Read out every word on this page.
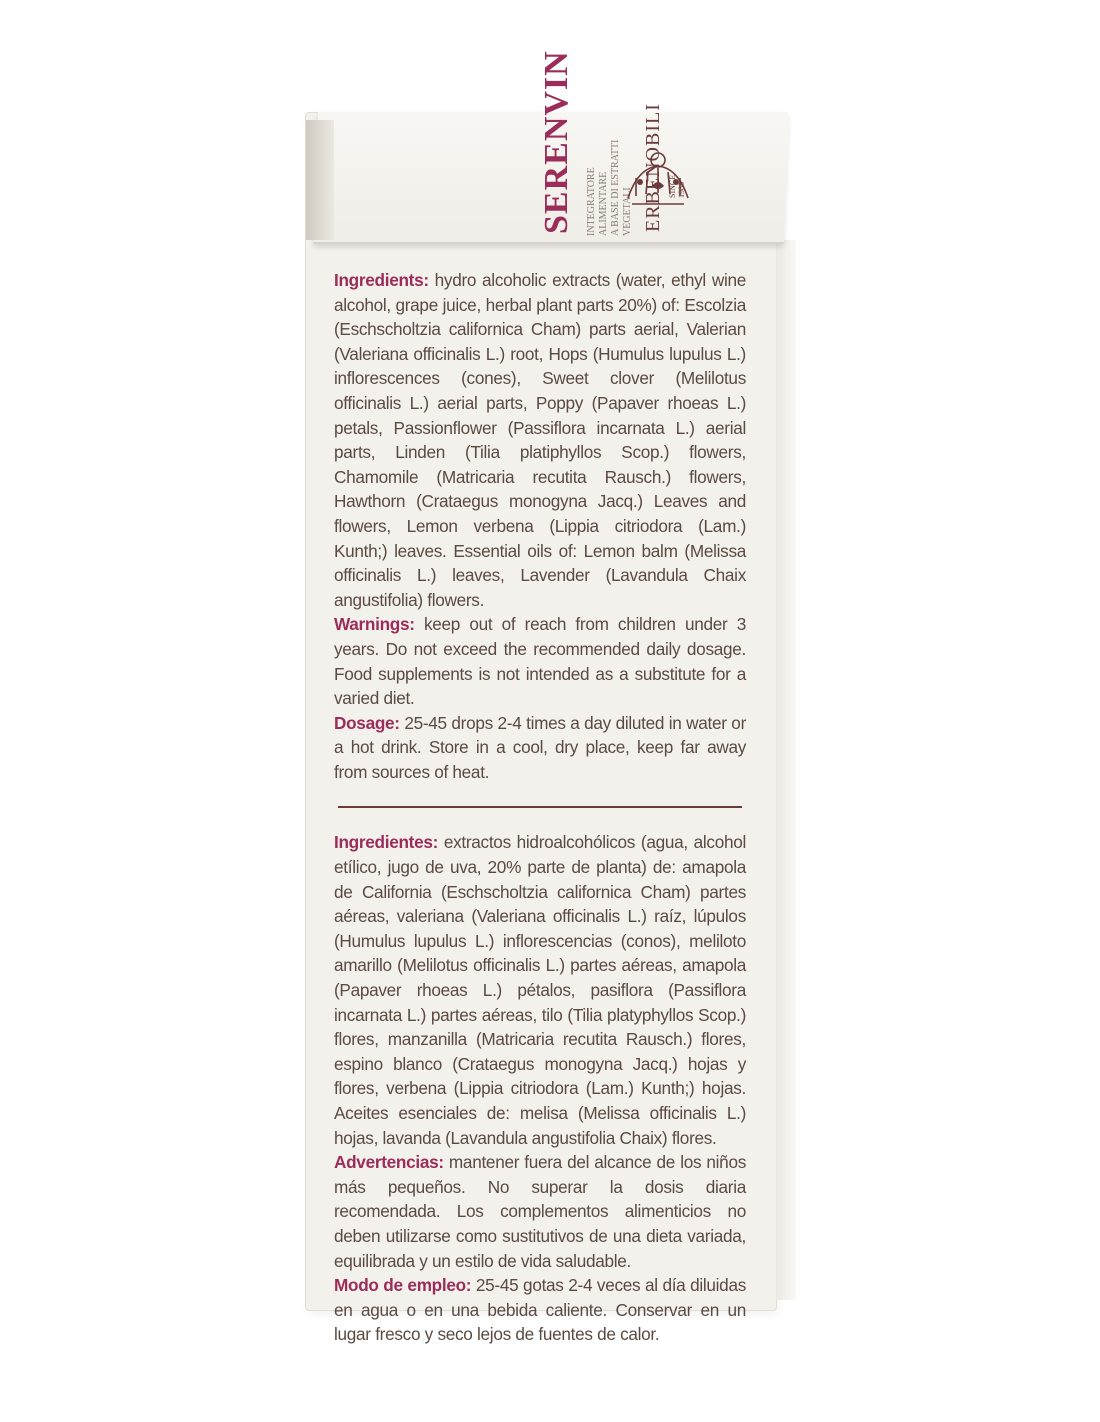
SERENVIN INTEGRATORE ALIMENTARE
A BASE DI ESTRATTI VEGETALI ERBENOBILI SINCE 1988

Ingredients: hydro alcoholic extracts (water, ethyl wine alcohol, grape juice, herbal plant parts 20%) of: Escolzia (Eschscholtzia californica Cham) parts aerial, Valerian (Valeriana officinalis L.) root, Hops (Humulus lupulus L.) inflorescences (cones), Sweet clover (Melilotus officinalis L.) aerial parts, Poppy (Papaver rhoeas L.) petals, Passionflower (Passiflora incarnata L.) aerial parts, Linden (Tilia platiphyllos Scop.) flowers, Chamomile (Matricaria recutita Rausch.) flowers, Hawthorn (Crataegus monogyna Jacq.) Leaves and flowers, Lemon verbena (Lippia citriodora (Lam.) Kunth;) leaves. Essential oils of: Lemon balm (Melissa officinalis L.) leaves, Lavender (Lavandula Chaix angustifolia) flowers.

Warnings: keep out of reach from children under 3 years. Do not exceed the recommended daily dosage. Food supplements is not intended as a substitute for a varied diet.

Dosage: 25-45 drops 2-4 times a day diluted in water or a hot drink. Store in a cool, dry place, keep far away from sources of heat.

Ingredientes: extractos hidroalcohólicos (agua, alcohol etílico, jugo de uva, 20% parte de planta) de: amapola de California (Eschscholtzia californica Cham) partes aéreas, valeriana (Valeriana officinalis L.) raíz, lúpulos (Humulus lupulus L.) inflorescencias (conos), meliloto amarillo (Melilotus officinalis L.) partes aéreas, amapola (Papaver rhoeas L.) pétalos, pasiflora (Passiflora incarnata L.) partes aéreas, tilo (Tilia platyphyllos Scop.) flores, manzanilla (Matricaria recutita Rausch.) flores, espino blanco (Crataegus monogyna Jacq.) hojas y flores, verbena (Lippia citriodora (Lam.) Kunth;) hojas. Aceites esenciales de: melisa (Melissa officinalis L.) hojas, lavanda (Lavandula angustifolia Chaix) flores.

Advertencias: mantener fuera del alcance de los niños más pequeños. No superar la dosis diaria recomendada. Los complementos alimenticios no deben utilizarse como sustitutivos de una dieta variada, equilibrada y un estilo de vida saludable.

Modo de empleo: 25-45 gotas 2-4 veces al día diluidas en agua o en una bebida caliente. Conservar en un lugar fresco y seco lejos de fuentes de calor.
